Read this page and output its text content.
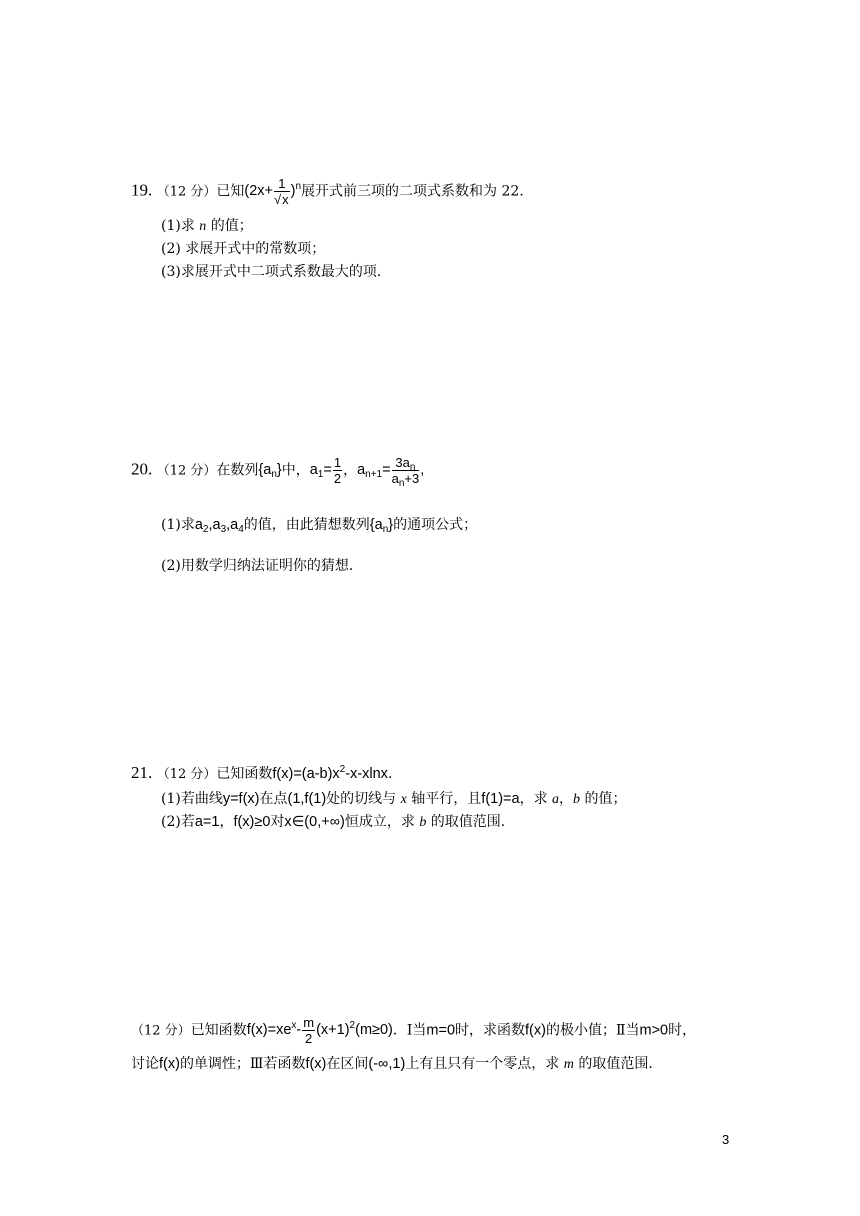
19. （12 分）已知$(2x+ \frac{1}{√x} )^n$展开式前三项的二项式系数和为 22．
(1)求 n 的值；
(2) 求展开式中的常数项；
(3)求展开式中二项式系数最大的项．
20. （12 分）在数列$\{a_n\}$中，$a_1= \frac{1}{2}$ ，$a_{n+1}= \frac{3a_n}{a_n+3}$ ,
(1)求$a_2,a_3,a_4$的值，由此猜想数列$\{a_n\}$的通项公式；
(2)用数学归纳法证明你的猜想．
21. （12 分）已知函数$f(x)=(a-b)x^2-x$-xlnx．
(1)若曲线y=f(x)在点(1,f(1)处的切线与 x 轴平行，且f(1)=a，求 a，b 的值；
(2)若a=1，f(x)≥0对x∈(0,+∞)恒成立，求 b 的取值范围．
（12 分）已知函数$f(x)=xe^x- \frac{m}{2} (x+1)^2(m\ge 0)$．Ⅰ当m=0时，求函数f(x)的极小值；Ⅱ当m>0时，
讨论f(x)的单调性；Ⅲ若函数f(x)在区间(-∞,1)上有且只有一个零点，求 m 的取值范围．
3
